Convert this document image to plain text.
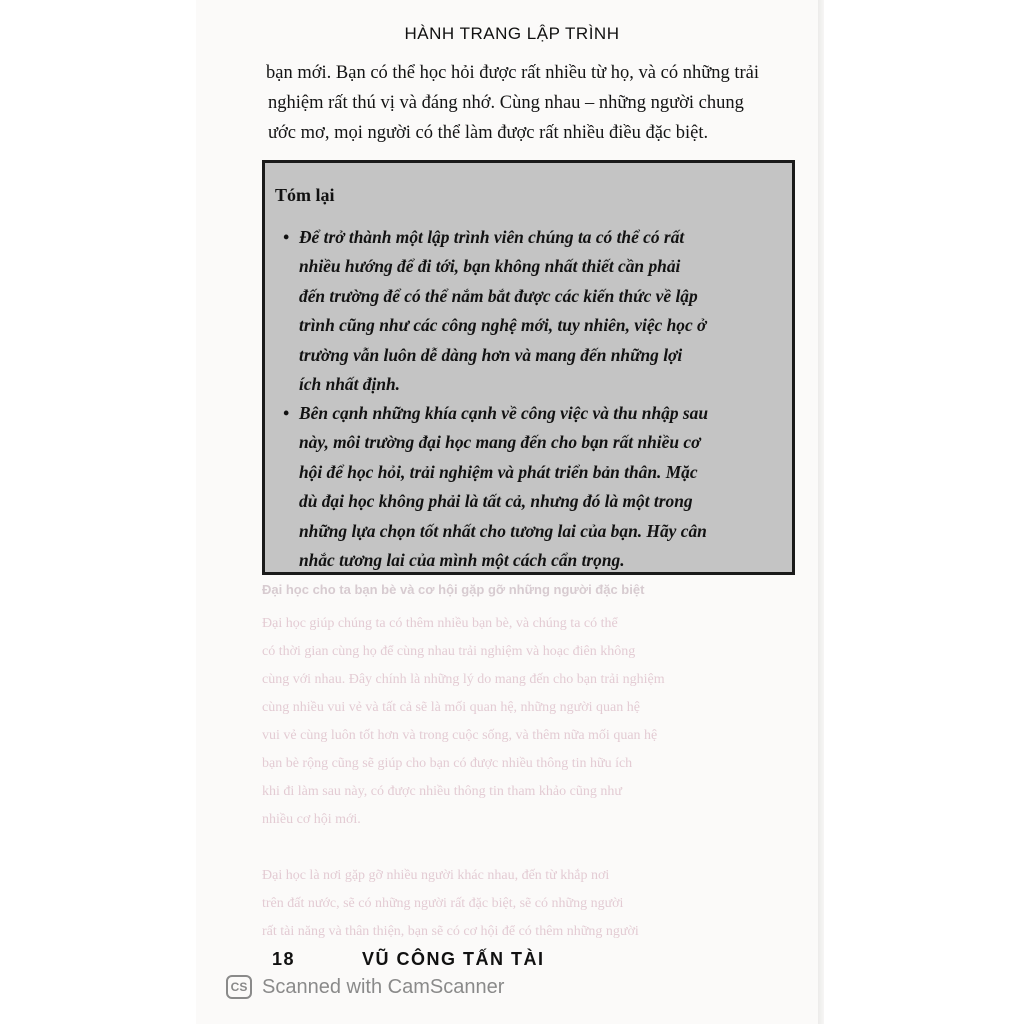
Đại học cho ta bạn bè và cơ hội gặp gỡ những người đặc biệt
Đại học giúp chúng ta có thêm nhiều bạn bè, và chúng ta có thể
có thời gian cùng họ để cùng nhau trải nghiệm và hoạc điên không
cùng với nhau. Đây chính là những lý do mang đến cho bạn trải nghiệm
cùng nhiều vui vẻ và tất cả sẽ là mối quan hệ, những người quan hệ
vui vẻ cùng luôn tốt hơn và trong cuộc sống, và thêm nữa mối quan hệ
bạn bè rộng cũng sẽ giúp cho bạn có được nhiều thông tin hữu ích
khi đi làm sau này, có được nhiều thông tin tham khảo cũng như
nhiều cơ hội mới.
Đại học là nơi gặp gỡ nhiều người khác nhau, đến từ khắp nơi
trên đất nước, sẽ có những người rất đặc biệt, sẽ có những người
rất tài năng và thân thiện, bạn sẽ có cơ hội để có thêm những người
HÀNH TRANG LẬP TRÌNH
bạn mới. Bạn có thể học hỏi được rất nhiều từ họ, và có những trải
nghiệm rất thú vị và đáng nhớ. Cùng nhau – những người chung
ước mơ, mọi người có thể làm được rất nhiều điều đặc biệt.
Tóm lại
• Để trở thành một lập trình viên chúng ta có thể có rất
nhiều hướng để đi tới, bạn không nhất thiết cần phải
đến trường để có thể nắm bắt được các kiến thức về lập
trình cũng như các công nghệ mới, tuy nhiên, việc học ở
trường vẫn luôn dễ dàng hơn và mang đến những lợi
ích nhất định.
• Bên cạnh những khía cạnh về công việc và thu nhập sau
này, môi trường đại học mang đến cho bạn rất nhiều cơ
hội để học hỏi, trải nghiệm và phát triển bản thân. Mặc
dù đại học không phải là tất cả, nhưng đó là một trong
những lựa chọn tốt nhất cho tương lai của bạn. Hãy cân
nhắc tương lai của mình một cách cẩn trọng.
18	VŨ CÔNG TẤN TÀI
CS Scanned with CamScanner
